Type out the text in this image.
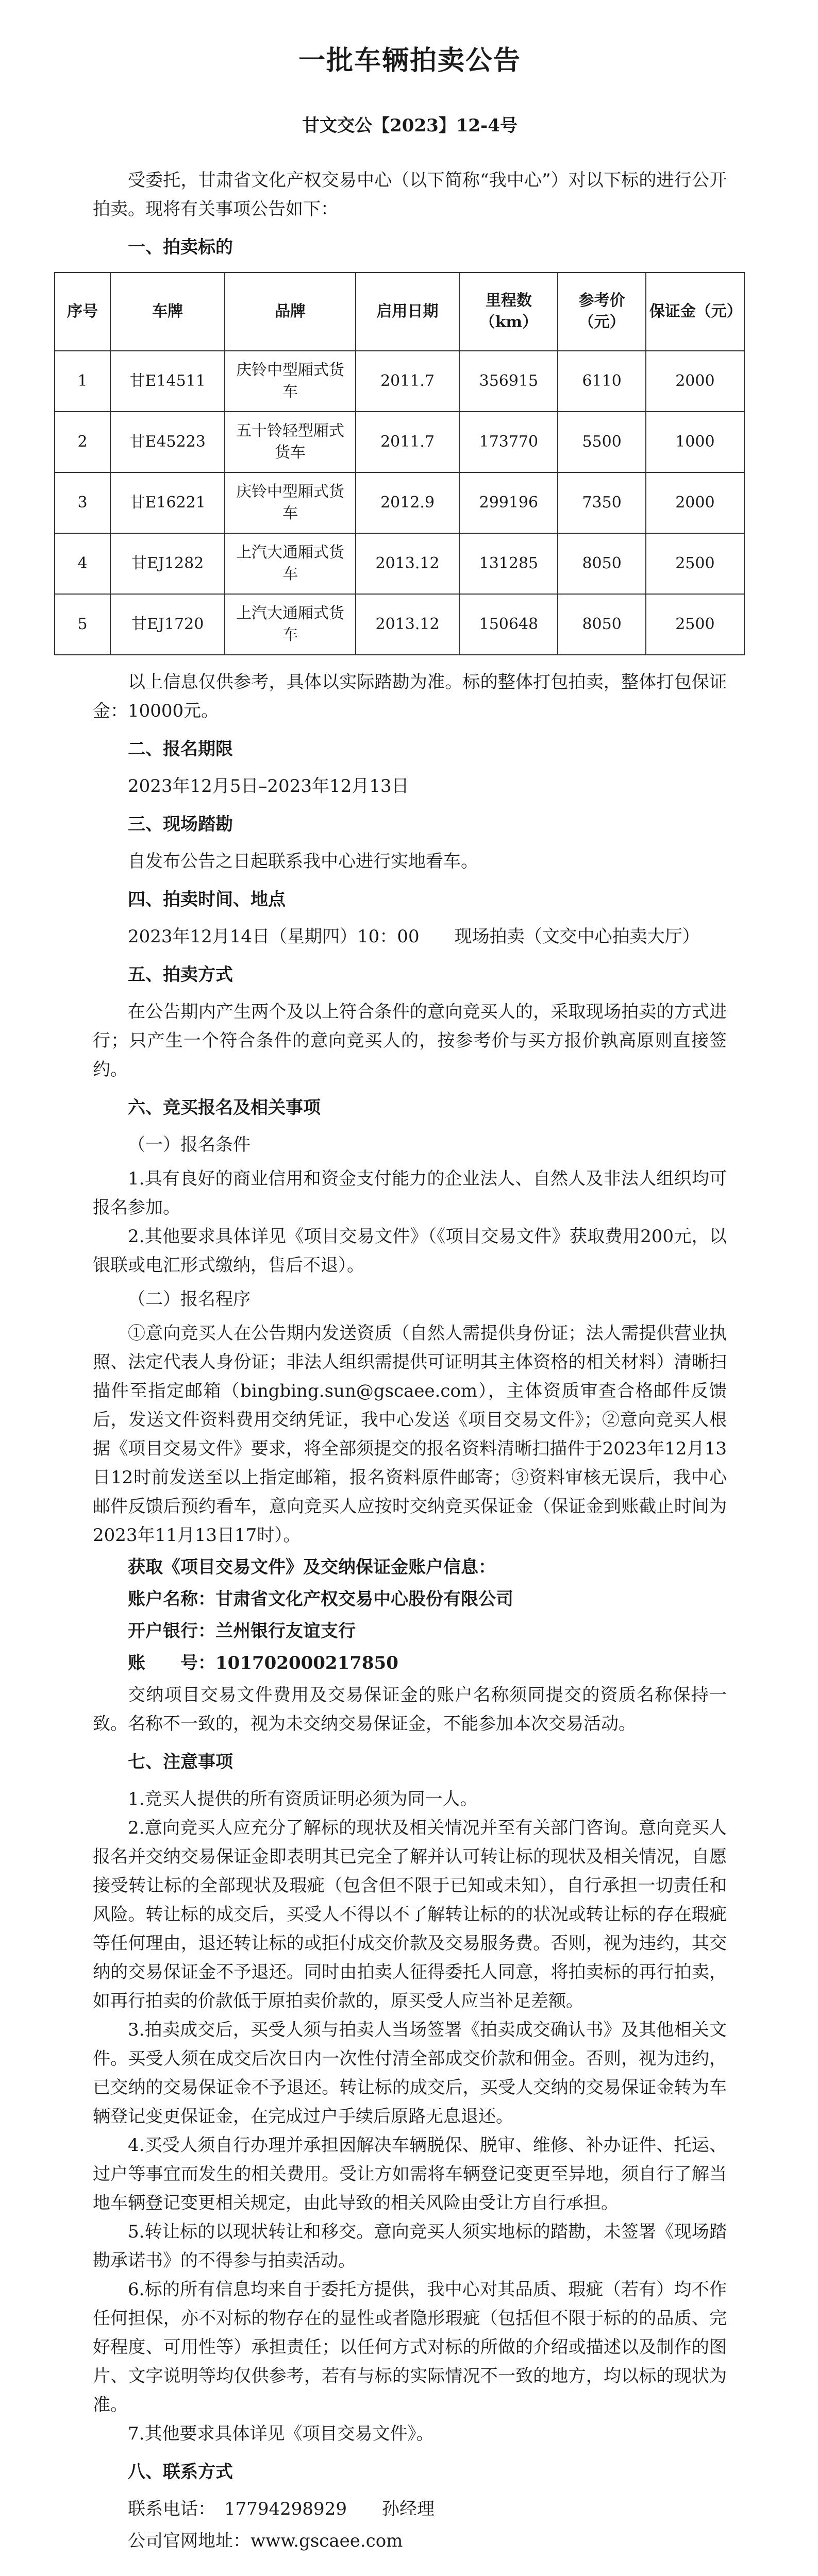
一批车辆拍卖公告
甘文交公【2023】12-4号

受委托，甘肃省文化产权交易中心（以下简称“我中心”）对以下标的进行公开拍卖。现将有关事项公告如下：

一、拍卖标的
序号	车牌	品牌	启用日期	里程数（km）	参考价（元）	保证金（元）
1	甘E14511	庆铃中型厢式货车	2011.7	356915	6110	2000
2	甘E45223	五十铃轻型厢式货车	2011.7	173770	5500	1000
3	甘E16221	庆铃中型厢式货车	2012.9	299196	7350	2000
4	甘EJ1282	上汽大通厢式货车	2013.12	131285	8050	2500
5	甘EJ1720	上汽大通厢式货车	2013.12	150648	8050	2500

以上信息仅供参考，具体以实际踏勘为准。标的整体打包拍卖，整体打包保证金：10000元。

二、报名期限

2023年12月5日–2023年12月13日

三、现场踏勘

自发布公告之日起联系我中心进行实地看车。

四、拍卖时间、地点

2023年12月14日（星期四）10：00　　现场拍卖（文交中心拍卖大厅）

五、拍卖方式

在公告期内产生两个及以上符合条件的意向竞买人的，采取现场拍卖的方式进行；只产生一个符合条件的意向竞买人的，按参考价与买方报价孰高原则直接签约。

六、竞买报名及相关事项
（一）报名条件

1.具有良好的商业信用和资金支付能力的企业法人、自然人及非法人组织均可报名参加。

2.其他要求具体详见《项目交易文件》（《项目交易文件》获取费用200元，以银联或电汇形式缴纳，售后不退）。

（二）报名程序

①意向竞买人在公告期内发送资质（自然人需提供身份证；法人需提供营业执照、法定代表人身份证；非法人组织需提供可证明其主体资格的相关材料）清晰扫描件至指定邮箱（bingbing.sun@gscaee.com），主体资质审查合格邮件反馈后，发送文件资料费用交纳凭证，我中心发送《项目交易文件》；②意向竞买人根据《项目交易文件》要求，将全部须提交的报名资料清晰扫描件于2023年12月13日12时前发送至以上指定邮箱，报名资料原件邮寄；③资料审核无误后，我中心邮件反馈后预约看车，意向竞买人应按时交纳竞买保证金（保证金到账截止时间为2023年11月13日17时）。

获取《项目交易文件》及交纳保证金账户信息：
账户名称：甘肃省文化产权交易中心股份有限公司
开户银行：兰州银行友谊支行
账　　号：101702000217850

交纳项目交易文件费用及交易保证金的账户名称须同提交的资质名称保持一致。名称不一致的，视为未交纳交易保证金，不能参加本次交易活动。

七、注意事项

1.竞买人提供的所有资质证明必须为同一人。

2.意向竞买人应充分了解标的现状及相关情况并至有关部门咨询。意向竞买人报名并交纳交易保证金即表明其已完全了解并认可转让标的现状及相关情况，自愿接受转让标的全部现状及瑕疵（包含但不限于已知或未知），自行承担一切责任和风险。转让标的成交后，买受人不得以不了解转让标的的状况或转让标的存在瑕疵等任何理由，退还转让标的或拒付成交价款及交易服务费。否则，视为违约，其交纳的交易保证金不予退还。同时由拍卖人征得委托人同意，将拍卖标的再行拍卖，如再行拍卖的价款低于原拍卖价款的，原买受人应当补足差额。

3.拍卖成交后，买受人须与拍卖人当场签署《拍卖成交确认书》及其他相关文件。买受人须在成交后次日内一次性付清全部成交价款和佣金。否则，视为违约，已交纳的交易保证金不予退还。转让标的成交后，买受人交纳的交易保证金转为车辆登记变更保证金，在完成过户手续后原路无息退还。

4.买受人须自行办理并承担因解决车辆脱保、脱审、维修、补办证件、托运、过户等事宜而发生的相关费用。受让方如需将车辆登记变更至异地，须自行了解当地车辆登记变更相关规定，由此导致的相关风险由受让方自行承担。

5.转让标的以现状转让和移交。意向竞买人须实地标的踏勘，未签署《现场踏勘承诺书》的不得参与拍卖活动。

6.标的所有信息均来自于委托方提供，我中心对其品质、瑕疵（若有）均不作任何担保，亦不对标的物存在的显性或者隐形瑕疵（包括但不限于标的的品质、完好程度、可用性等）承担责任；以任何方式对标的所做的介绍或描述以及制作的图片、文字说明等均仅供参考，若有与标的实际情况不一致的地方，均以标的现状为准。

7.其他要求具体详见《项目交易文件》。

八、联系方式
联系电话：　17794298929　　孙经理
公司官网地址：www.gscaee.com
